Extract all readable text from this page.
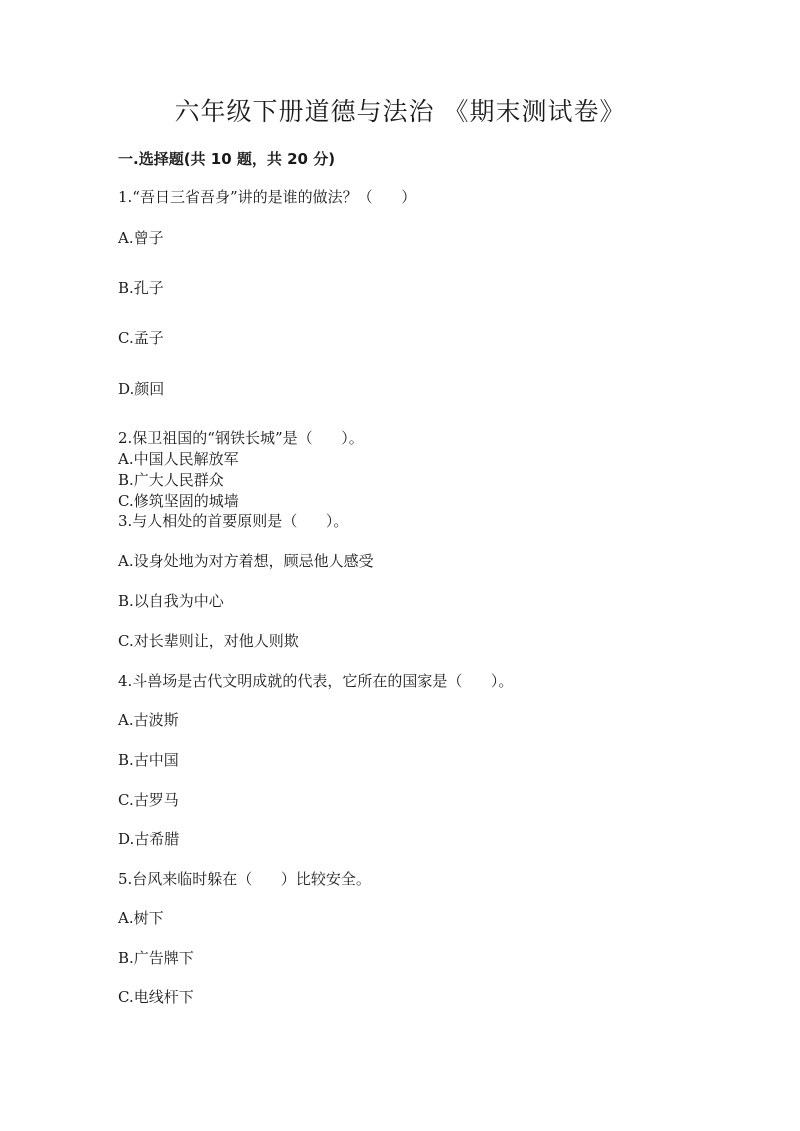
六年级下册道德与法治 《期末测试卷》
一.选择题(共 10 题，共 20 分)
1.“吾日三省吾身”讲的是谁的做法？（      ）
A.曾子
B.孔子
C.孟子
D.颜回
2.保卫祖国的“钢铁长城”是（      ）。
A.中国人民解放军
B.广大人民群众
C.修筑坚固的城墙
3.与人相处的首要原则是（      ）。
A.设身处地为对方着想，顾忌他人感受
B.以自我为中心
C.对长辈则让，对他人则欺
4.斗兽场是古代文明成就的代表，它所在的国家是（      ）。
A.古波斯
B.古中国
C.古罗马
D.古希腊
5.台风来临时躲在（      ）比较安全。
A.树下
B.广告牌下
C.电线杆下
